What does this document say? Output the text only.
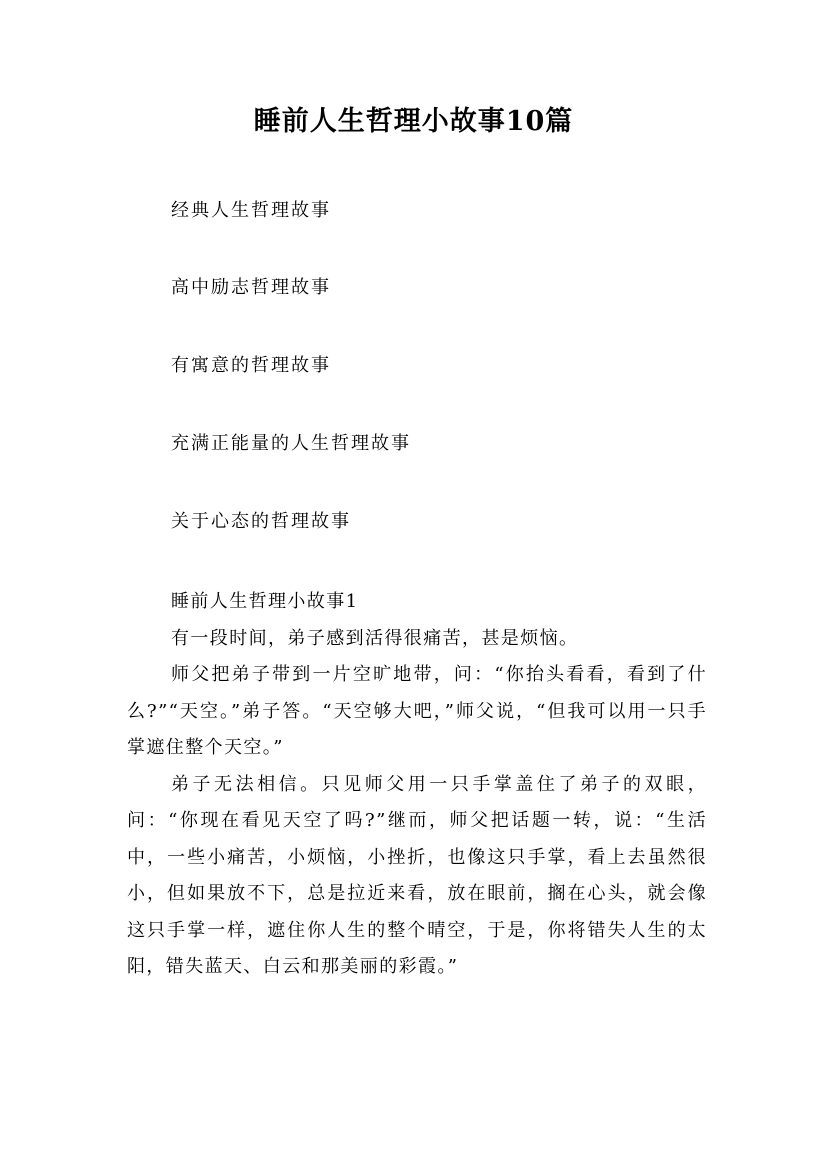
睡前人生哲理小故事10篇
经典人生哲理故事
高中励志哲理故事
有寓意的哲理故事
充满正能量的人生哲理故事
关于心态的哲理故事

睡前人生哲理小故事1

有一段时间，弟子感到活得很痛苦，甚是烦恼。

师父把弟子带到一片空旷地带，问：“你抬头看看，看到了什么?”“天空。”弟子答。“天空够大吧，”师父说，“但我可以用一只手掌遮住整个天空。”

弟子无法相信。只见师父用一只手掌盖住了弟子的双眼，问：“你现在看见天空了吗?”继而，师父把话题一转，说：“生活中，一些小痛苦，小烦恼，小挫折，也像这只手掌，看上去虽然很小，但如果放不下，总是拉近来看，放在眼前，搁在心头，就会像这只手掌一样，遮住你人生的整个晴空，于是，你将错失人生的太阳，错失蓝天、白云和那美丽的彩霞。”
